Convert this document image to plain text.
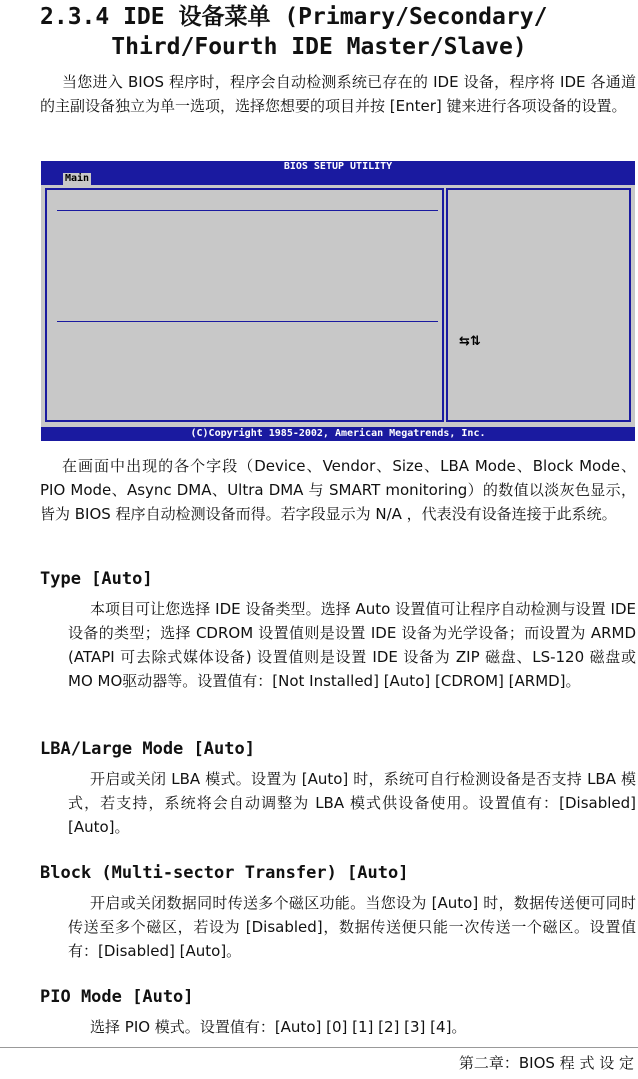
2.3.4 IDE 设备菜单 (Primary/Secondary/
Third/Fourth IDE Master/Slave)

当您进入 BIOS 程序时，程序会自动检测系统已存在的 IDE 设备，程序将 IDE 各通道的主副设备独立为单一选项，选择您想要的项目并按 [Enter] 键来进行各项设备的设置。

BIOS SETUP UTILITY
Main
⇆⇅
(C)Copyright 1985-2002, American Megatrends, Inc.

在画面中出现的各个字段（Device、Vendor、Size、LBA Mode、Block Mode、PIO Mode、Async DMA、Ultra DMA 与 SMART monitoring）的数值以淡灰色显示，皆为 BIOS 程序自动检测设备而得。若字段显示为 N/A ，代表没有设备连接于此系统。

Type [Auto]

本项目可让您选择 IDE 设备类型。选择 Auto 设置值可让程序自动检测与设置 IDE 设备的类型；选择 CDROM 设置值则是设置 IDE 设备为光学设备；而设置为 ARMD (ATAPI 可去除式媒体设备) 设置值则是设置 IDE 设备为 ZIP 磁盘、LS-120 磁盘或 MO MO驱动器等。设置值有：[Not Installed] [Auto] [CDROM] [ARMD]。

LBA/Large Mode [Auto]

开启或关闭 LBA 模式。设置为 [Auto] 时，系统可自行检测设备是否支持 LBA 模式，若支持，系统将会自动调整为 LBA 模式供设备使用。设置值有：[Disabled] [Auto]。

Block (Multi-sector Transfer) [Auto]

开启或关闭数据同时传送多个磁区功能。当您设为 [Auto] 时，数据传送便可同时传送至多个磁区，若设为 [Disabled]，数据传送便只能一次传送一个磁区。设置值有：[Disabled] [Auto]。

PIO Mode [Auto]

选择 PIO 模式。设置值有：[Auto] [0] [1] [2] [3] [4]。

第二章：BIOS 程 式 设 定
